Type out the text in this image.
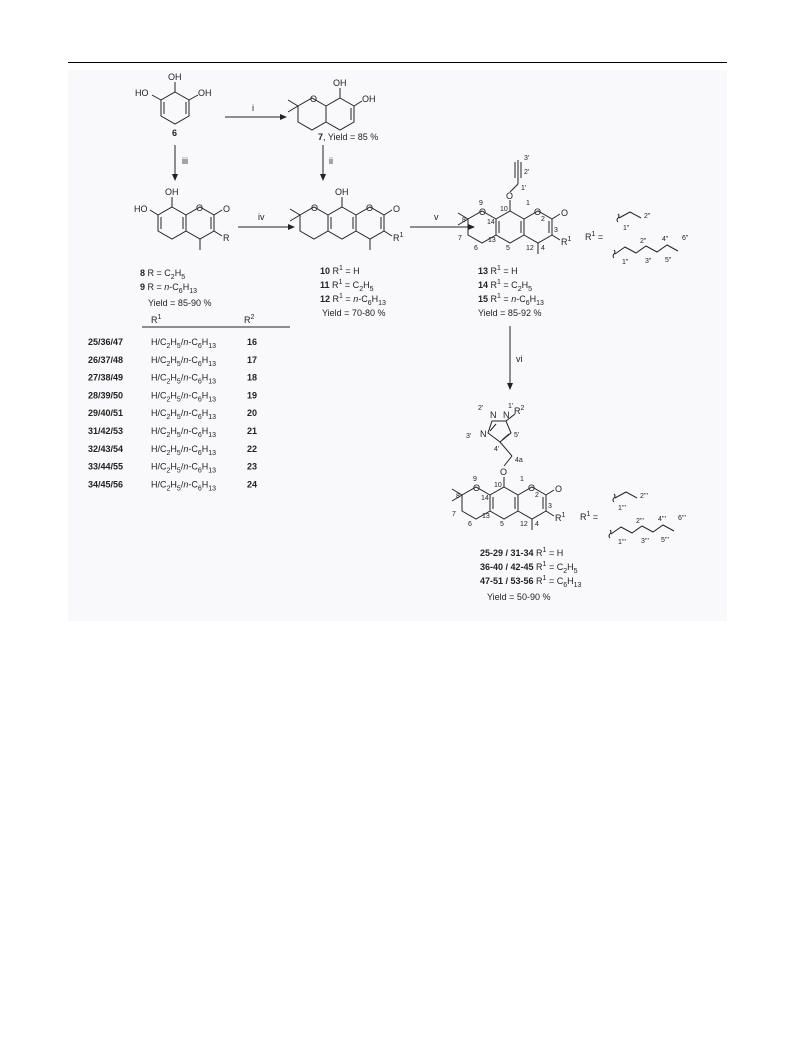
OH
OH
HO
6
i
O
OH
OH
7, Yield = 85 %
iii	ii
OH
HO	O O
R
8 $R = C_2H_5$
9 $R = n-C_6H_{13}$
Yield = 85-90 %
iv
OH
O	O O
$R^1$
10 $R^1 = H$
11 $R^1 = C_2H_5$
12 $R^1 = n-C_6H_{13}$
Yield = 70-80 %
v
O
O	O O
$R^1$
9
8	14
10
1
2
3
7
6
13
5 12 4
1'
2'
3'
13 $R^1 = H$
14 $R^1 = C_2H_5$
15 $R^1 = n-C_6H_{13}$
Yield = 85-92 %
$R^1$ =
2"
1"
2" 4" 6"
1" 3" 5"
vi
N N
N
$R^2$
O
O	O O
$R^1$
9
8	14
10
1
2
3
7
6
13
5 12 4
4a
4'
5'
3'
2'	1'
25-29 / 31-34 $R^1 = H$
36-40 / 42-45 $R^1 = C_2H_5$
47-51 / 53-56 $R^1 = C_6H_{13}$
Yield = 50-90 %
$R^1$ =
2'''
1'''
2''' 4''' 6'''
1''' 3''' 5'''
$R^1$	$R^2$
25/36/47	$H/C_2H_5/n-C_6H_{13}$	16
26/37/48	$H/C_2H_5/n-C_6H_{13}$	17
27/38/49	$H/C_2H_5/n-C_6H_{13}$	18
28/39/50	$H/C_2H_5/n-C_6H_{13}$	19
29/40/51	$H/C_2H_5/n-C_6H_{13}$	20
31/42/53	$H/C_2H_5/n-C_6H_{13}$	21
32/43/54	$H/C_2H_5/n-C_6H_{13}$	22
33/44/55	$H/C_2H_5/n-C_6H_{13}$	23
34/45/56	$H/C_2H_5/n-C_6H_{13}$	24
